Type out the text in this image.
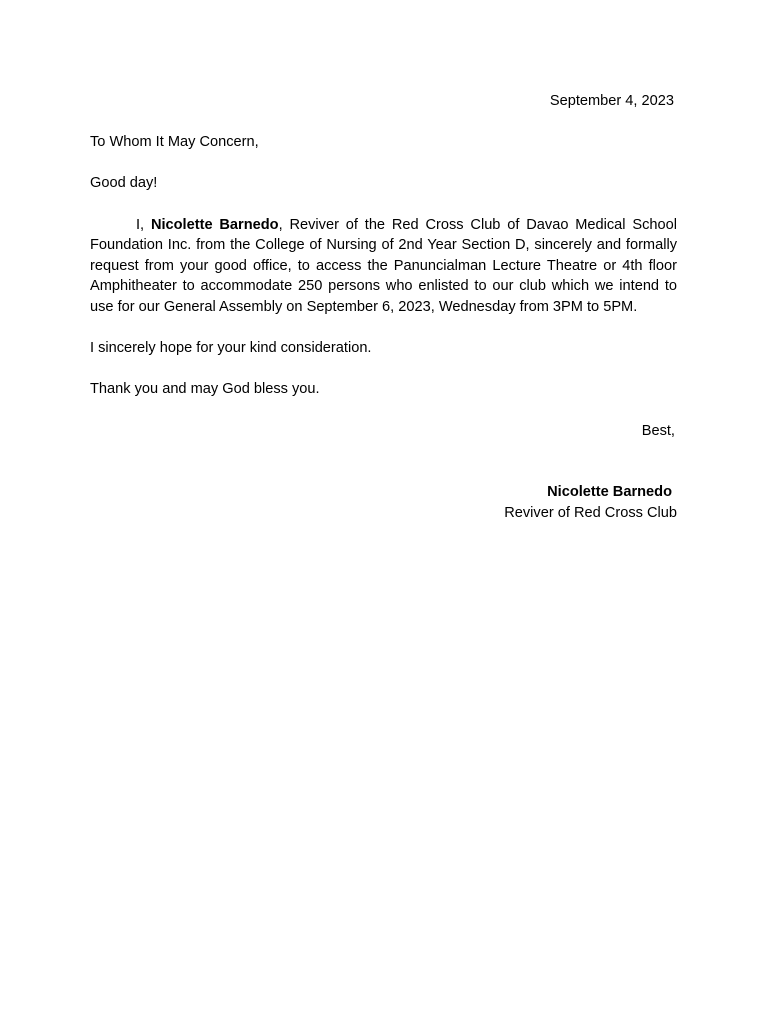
September 4, 2023

To Whom It May Concern,

Good day!

I, Nicolette Barnedo, Reviver of the Red Cross Club of Davao Medical School Foundation Inc. from the College of Nursing of 2nd Year Section D, sincerely and formally request from your good office, to access the Panuncialman Lecture Theatre or 4th floor Amphitheater to accommodate 250 persons who enlisted to our club which we intend to use for our General Assembly on September 6, 2023, Wednesday from 3PM to 5PM.

I sincerely hope for your kind consideration.

Thank you and may God bless you.

Best,

Nicolette Barnedo

Reviver of Red Cross Club
